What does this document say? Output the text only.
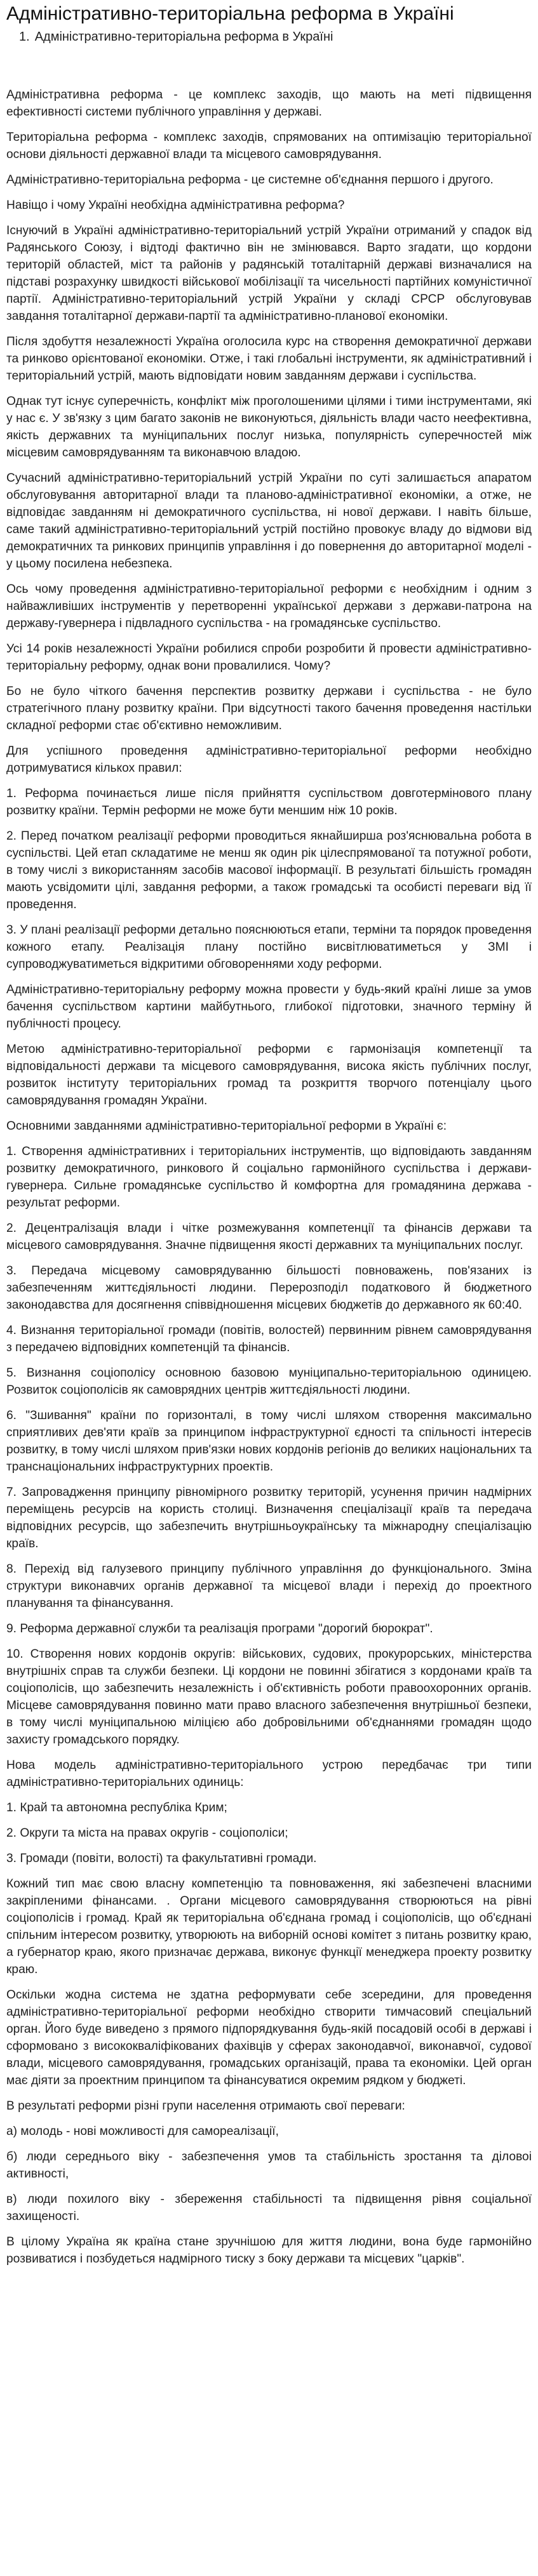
Адміністративно-територіальна реформа в Україні
1. Адміністративно-територіальна реформа в Україні

Адміністративна реформа - це комплекс заходів, що мають на меті підвищення ефективності системи публічного управління у державі.

Територіальна реформа - комплекс заходів, спрямованих на оптимізацію територіальної основи діяльності державної влади та місцевого самоврядування.

Адміністративно-територіальна реформа - це системне об'єднання першого і другого.

Навіщо і чому Україні необхідна адміністративна реформа?

Існуючий в Україні адміністративно-територіальний устрій України отриманий у спадок від Радянського Союзу, і відтоді фактично він не змінювався. Варто згадати, що кордони територій областей, міст та районів у радянській тоталітарній державі визначалися на підставі розрахунку швидкості військової мобілізації та чисельності партійних комуністичної партії. Адміністративно-територіальний устрій України у складі СРСР обслуговував завдання тоталітарної держави-партії та адміністративно-планової економіки.

Після здобуття незалежності Україна оголосила курс на створення демократичної держави та ринково орієнтованої економіки. Отже, і такі глобальні інструменти, як адміністративний і територіальний устрій, мають відповідати новим завданням держави і суспільства.

Однак тут існує суперечність, конфлікт між проголошеними цілями і тими інструментами, які у нас є. У зв'язку з цим багато законів не виконуються, діяльність влади часто неефективна, якість державних та муніципальних послуг низька, популярність суперечностей між місцевим самоврядуванням та виконавчою владою.

Сучасний адміністративно-територіальний устрій України по суті залишається апаратом обслуговування авторитарної влади та планово-адміністративної економіки, а отже, не відповідає завданням ні демократичного суспільства, ні нової держави. І навіть більше, саме такий адміністративно-територіальний устрій постійно провокує владу до відмови від демократичних та ринкових принципів управління і до повернення до авторитарної моделі - у цьому посилена небезпека.

Ось чому проведення адміністративно-територіальної реформи є необхідним і одним з найважливіших інструментів у перетворенні української держави з держави-патрона на державу-гувернера і підвладного суспільства - на громадянське суспільство.

Усі 14 років незалежності України робилися спроби розробити й провести адміністративно-територіальну реформу, однак вони провалилися. Чому?

Бо не було чіткого бачення перспектив розвитку держави і суспільства - не було стратегічного плану розвитку країни. При відсутності такого бачення проведення настільки складної реформи стає об'єктивно неможливим.

Для успішного проведення адміністративно-територіальної реформи необхідно дотримуватися кількох правил:

1. Реформа починається лише після прийняття суспільством довготермінового плану розвитку країни. Термін реформи не може бути меншим ніж 10 років.

2. Перед початком реалізації реформи проводиться якнайширша роз'яснювальна робота в суспільстві. Цей етап складатиме не менш як один рік цілеспрямованої та потужної роботи, в тому числі з використанням засобів масової інформації. В результаті більшість громадян мають усвідомити цілі, завдання реформи, а також громадські та особисті переваги від її проведення.

3. У плані реалізації реформи детально пояснюються етапи, терміни та порядок проведення кожного етапу. Реалізація плану постійно висвітлюватиметься у ЗМІ і супроводжуватиметься відкритими обговореннями ходу реформи.

Адміністративно-територіальну реформу можна провести у будь-який країні лише за умов бачення суспільством картини майбутнього, глибокої підготовки, значного терміну й публічності процесу.

Метою адміністративно-територіальної реформи є гармонізація компетенції та відповідальності держави та місцевого самоврядування, висока якість публічних послуг, розвиток інституту територіальних громад та розкриття творчого потенціалу цього самоврядування громадян України.

Основними завданнями адміністративно-територіальної реформи в Україні є:

1. Створення адміністративних і територіальних інструментів, що відповідають завданням розвитку демократичного, ринкового й соціально гармонійного суспільства і держави-гувернера. Сильне громадянське суспільство й комфортна для громадянина держава - результат реформи.

2. Децентралізація влади і чітке розмежування компетенції та фінансів держави та місцевого самоврядування. Значне підвищення якості державних та муніципальних послуг.

3. Передача місцевому самоврядуванню більшості повноважень, пов'язаних із забезпеченням життєдіяльності людини. Перерозподіл податкового й бюджетного законодавства для досягнення співвідношення місцевих бюджетів до державного як 60:40.

4. Визнання територіальної громади (повітів, волостей) первинним рівнем самоврядування з передачею відповідних компетенцій та фінансів.

5. Визнання соціополісу основною базовою муніципально-територіальною одиницею. Розвиток соціополісів як самоврядних центрів життєдіяльності людини.

6. "Зшивання" країни по горизонталі, в тому числі шляхом створення максимально сприятливих дев'яти країв за принципом інфраструктурної єдності та спільності інтересів розвитку, в тому числі шляхом прив'язки нових кордонів регіонів до великих національних та транснаціональних інфраструктурних проектів.

7. Запровадження принципу рівномірного розвитку територій, усунення причин надмірних переміщень ресурсів на користь столиці. Визначення спеціалізації країв та передача відповідних ресурсів, що забезпечить внутрішньоукраїнську та міжнародну спеціалізацію країв.

8. Перехід від галузевого принципу публічного управління до функціонального. Зміна структури виконавчих органів державної та місцевої влади і перехід до проектного планування та фінансування.

9. Реформа державної служби та реалізація програми "дорогий бюрократ".

10. Створення нових кордонів округів: військових, судових, прокурорських, міністерства внутрішніх справ та служби безпеки. Ці кордони не повинні збігатися з кордонами країв та соціополісів, що забезпечить незалежність і об'єктивність роботи правоохоронних органів. Місцеве самоврядування повинно мати право власного забезпечення внутрішньої безпеки, в тому числі муніципальною міліцією або добровільними об'єднаннями громадян щодо захисту громадського порядку.

Нова модель адміністративно-територіального устрою передбачає три типи адміністративно-територіальних одиниць:

1. Край та автономна республіка Крим;

2. Округи та міста на правах округів - соціополіси;

3. Громади (повіти, волості) та факультативні громади.

Кожний тип має свою власну компетенцію та повноваження, які забезпечені власними закріпленими фінансами. . Органи місцевого самоврядування створюються на рівні соціополісів і громад. Край як територіальна об'єднана громад і соціополісів, що об'єднані спільним інтересом розвитку, утворюють на виборній основі комітет з питань розвитку краю, а губернатор краю, якого призначає держава, виконує функції менеджера проекту розвитку краю.

Оскільки жодна система не здатна реформувати себе зсередини, для проведення адміністративно-територіальної реформи необхідно створити тимчасовий спеціальний орган. Його буде виведено з прямого підпорядкування будь-якій посадовій особі в державі і сформовано з висококваліфікованих фахівців у сферах законодавчої, виконавчої, судової влади, місцевого самоврядування, громадських організацій, права та економіки. Цей орган має діяти за проектним принципом та фінансуватися окремим рядком у бюджеті.

В результаті реформи різні групи населення отримають свої переваги:

а) молодь - нові можливості для самореалізації,

б) люди середнього віку - забезпечення умов та стабільність зростання та діловоі активності,

в) люди похилого віку - збереження стабільності та підвищення рівня соціальної захищеності.

В цілому Україна як країна стане зручнішою для життя людини, вона буде гармонійно розвиватися і позбудеться надмірного тиску з боку держави та місцевих "царків".
